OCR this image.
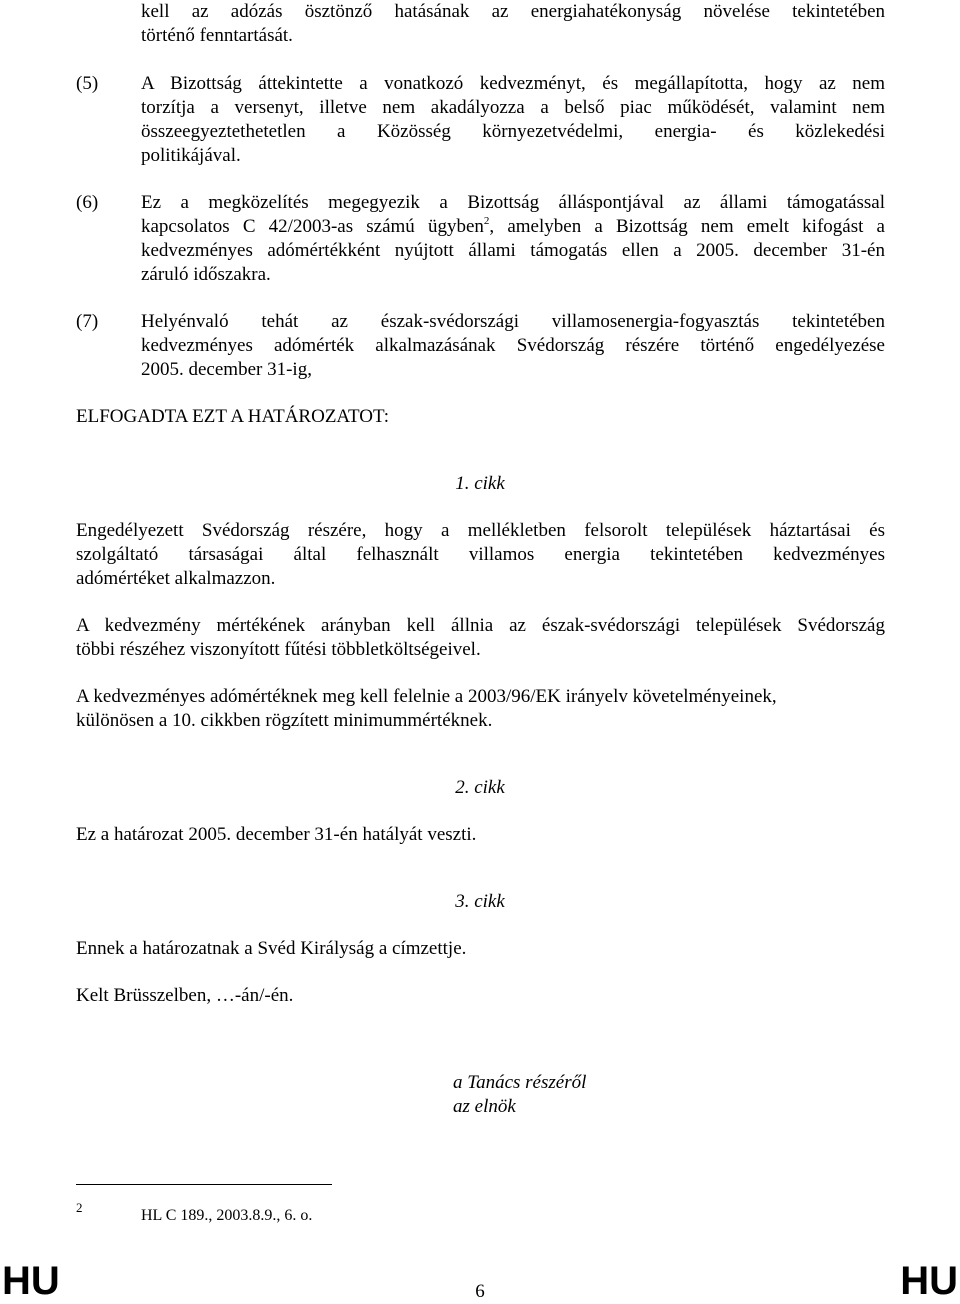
kell az adózás ösztönző hatásának az energiahatékonyság növelése tekintetében
történő fenntartását.
(5) A Bizottság áttekintette a vonatkozó kedvezményt, és megállapította, hogy az nem
torzítja a versenyt, illetve nem akadályozza a belső piac működését, valamint nem
összeegyeztethetetlen a Közösség környezetvédelmi, energia- és közlekedési
politikájával.
(6) Ez a megközelítés megegyezik a Bizottság álláspontjával az állami támogatással
kapcsolatos C 42/2003-as számú ügyben$^2$, amelyben a Bizottság nem emelt kifogást a
kedvezményes adómértékként nyújtott állami támogatás ellen a 2005. december 31-én
záruló időszakra.
(7) Helyénvaló tehát az észak-svédországi villamosenergia-fogyasztás tekintetében
kedvezményes adómérték alkalmazásának Svédország részére történő engedélyezése
2005. december 31-ig,
ELFOGADTA EZT A HATÁROZATOT:
1. cikk
Engedélyezett Svédország részére, hogy a mellékletben felsorolt települések háztartásai és
szolgáltató társaságai által felhasznált villamos energia tekintetében kedvezményes
adómértéket alkalmazzon.
A kedvezmény mértékének arányban kell állnia az észak-svédországi települések Svédország
többi részéhez viszonyított fűtési többletköltségeivel.
A kedvezményes adómértéknek meg kell felelnie a 2003/96/EK irányelv követelményeinek,
különösen a 10. cikkben rögzített minimummértéknek.
2. cikk
Ez a határozat 2005. december 31-én hatályát veszti.
3. cikk
Ennek a határozatnak a Svéd Királyság a címzettje.
Kelt Brüsszelben, …-án/-én.
a Tanács részéről
az elnök
2	HL C 189., 2003.8.9., 6. o.
HU	6	HU
